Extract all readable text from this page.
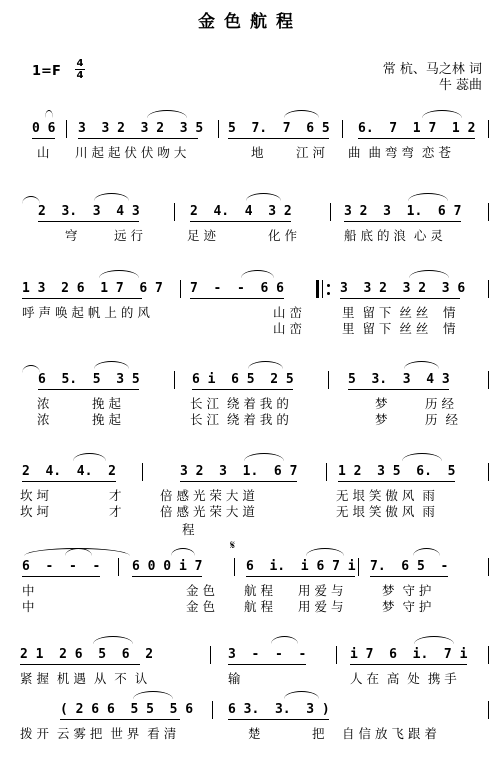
金色航程
1=F
4
4	常 杭、马之林 词
牛 蕊曲
0 6 3  3 2  3 2  3 5 5  7.  7  6 5 6.  7  1 7  1 2
山 川 起 起 伏 伏 吻 大	地	江 河 曲  曲 弯 弯  恋 苍
2  3.  3  4 3	2  4.  4  3 2	3 2  3  1.  6 7
穹	远 行	足 迹	化 作	船 底 的 浪  心 灵
1 3  2 6  1 7  6 7 7  -  -  6 6	3  3 2  3 2  3 6
呼 声 唤 起 帆 上 的 风	山 峦	里  留 下  丝 丝 情
山 峦	里  留 下  丝 丝 情
6  5.  5  3 5	6 i  6 5  2 5	5  3.  3  4 3
浓	挽 起	长 江  绕 着 我 的	梦	历 经
浓	挽 起	长 江  绕 着 我 的	梦	历  经
2  4.  4.  2	3 2  3  1.  6 7	1 2  3 5  6.  5
坎 坷	才	倍 感 光 荣 大 道	无 垠 笑 傲 风  雨
坎 坷	才	倍 感 光 荣 大 道	无 垠 笑 傲 风  雨
程
6  -  -  - 6 0 0 i 7	6  i.  i 6 7 i 7.  6 5  -
中	金 色 航 程 用 爱 与	梦  守 护
中	金 色 航 程 用 爱 与	梦  守 护
2 1  2 6  5  6  2	3  -  -  -	i 7  6  i.  7 i
紧 握  机 遇  从  不  认	输	人 在  高  处  携 手
( 2 6 6  5 5  5 6	6 3.  3.  3 )
拨 开  云 雾 把  世 界  看 清	楚	把 自 信 放 飞 跟 着
𝄋
